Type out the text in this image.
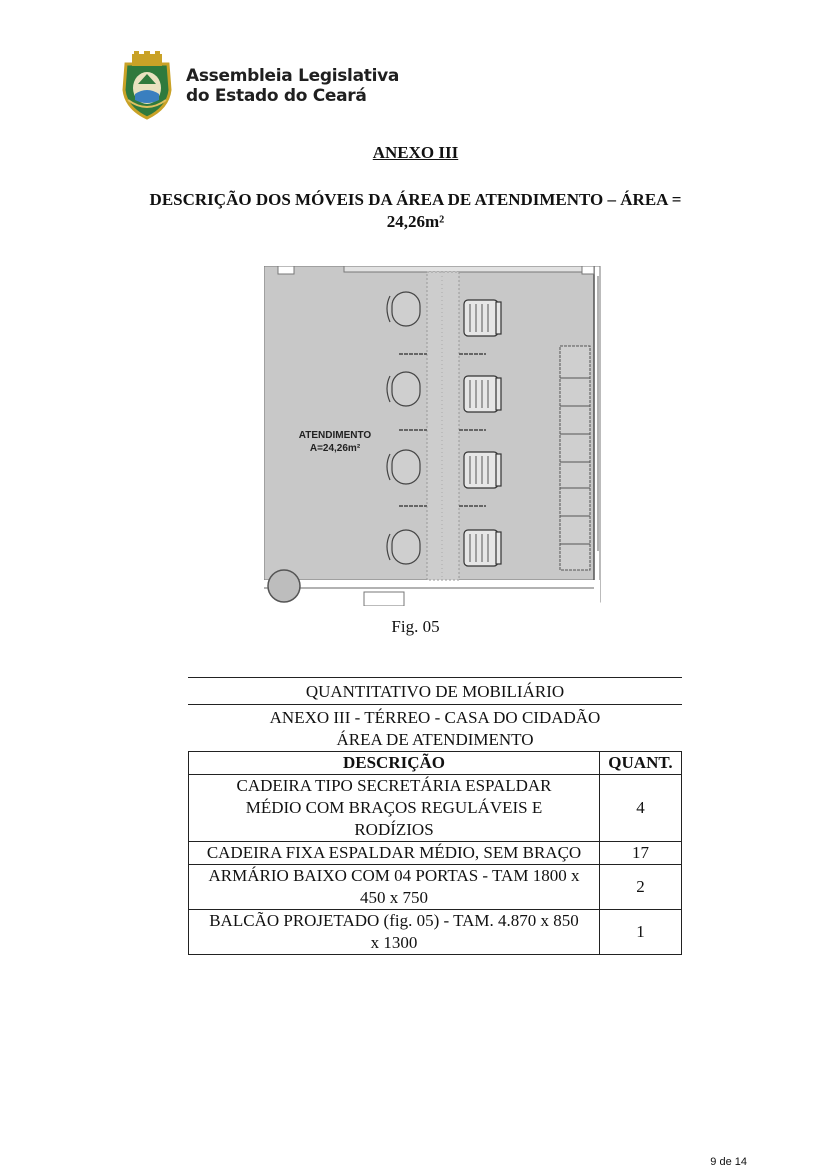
Assembleia Legislativa
do Estado do Ceará
ANEXO III
DESCRIÇÃO DOS MÓVEIS DA ÁREA DE ATENDIMENTO – ÁREA =
24,26m²
ATENDIMENTO
A=24,26m²
Fig. 05
QUANTITATIVO DE MOBILIÁRIO
ANEXO III - TÉRREO - CASA DO CIDADÃO
ÁREA DE ATENDIMENTO
DESCRIÇÃO	QUANT.

CADEIRA TIPO SECRETÁRIA ESPALDAR
MÉDIO COM BRAÇOS REGULÁVEIS E
RODÍZIOS	4

CADEIRA FIXA ESPALDAR MÉDIO, SEM BRAÇO	17

ARMÁRIO BAIXO COM 04 PORTAS - TAM 1800 x
450 x 750	2

BALCÃO PROJETADO (fig. 05) - TAM. 4.870 x 850
x 1300	1
9 de 14
